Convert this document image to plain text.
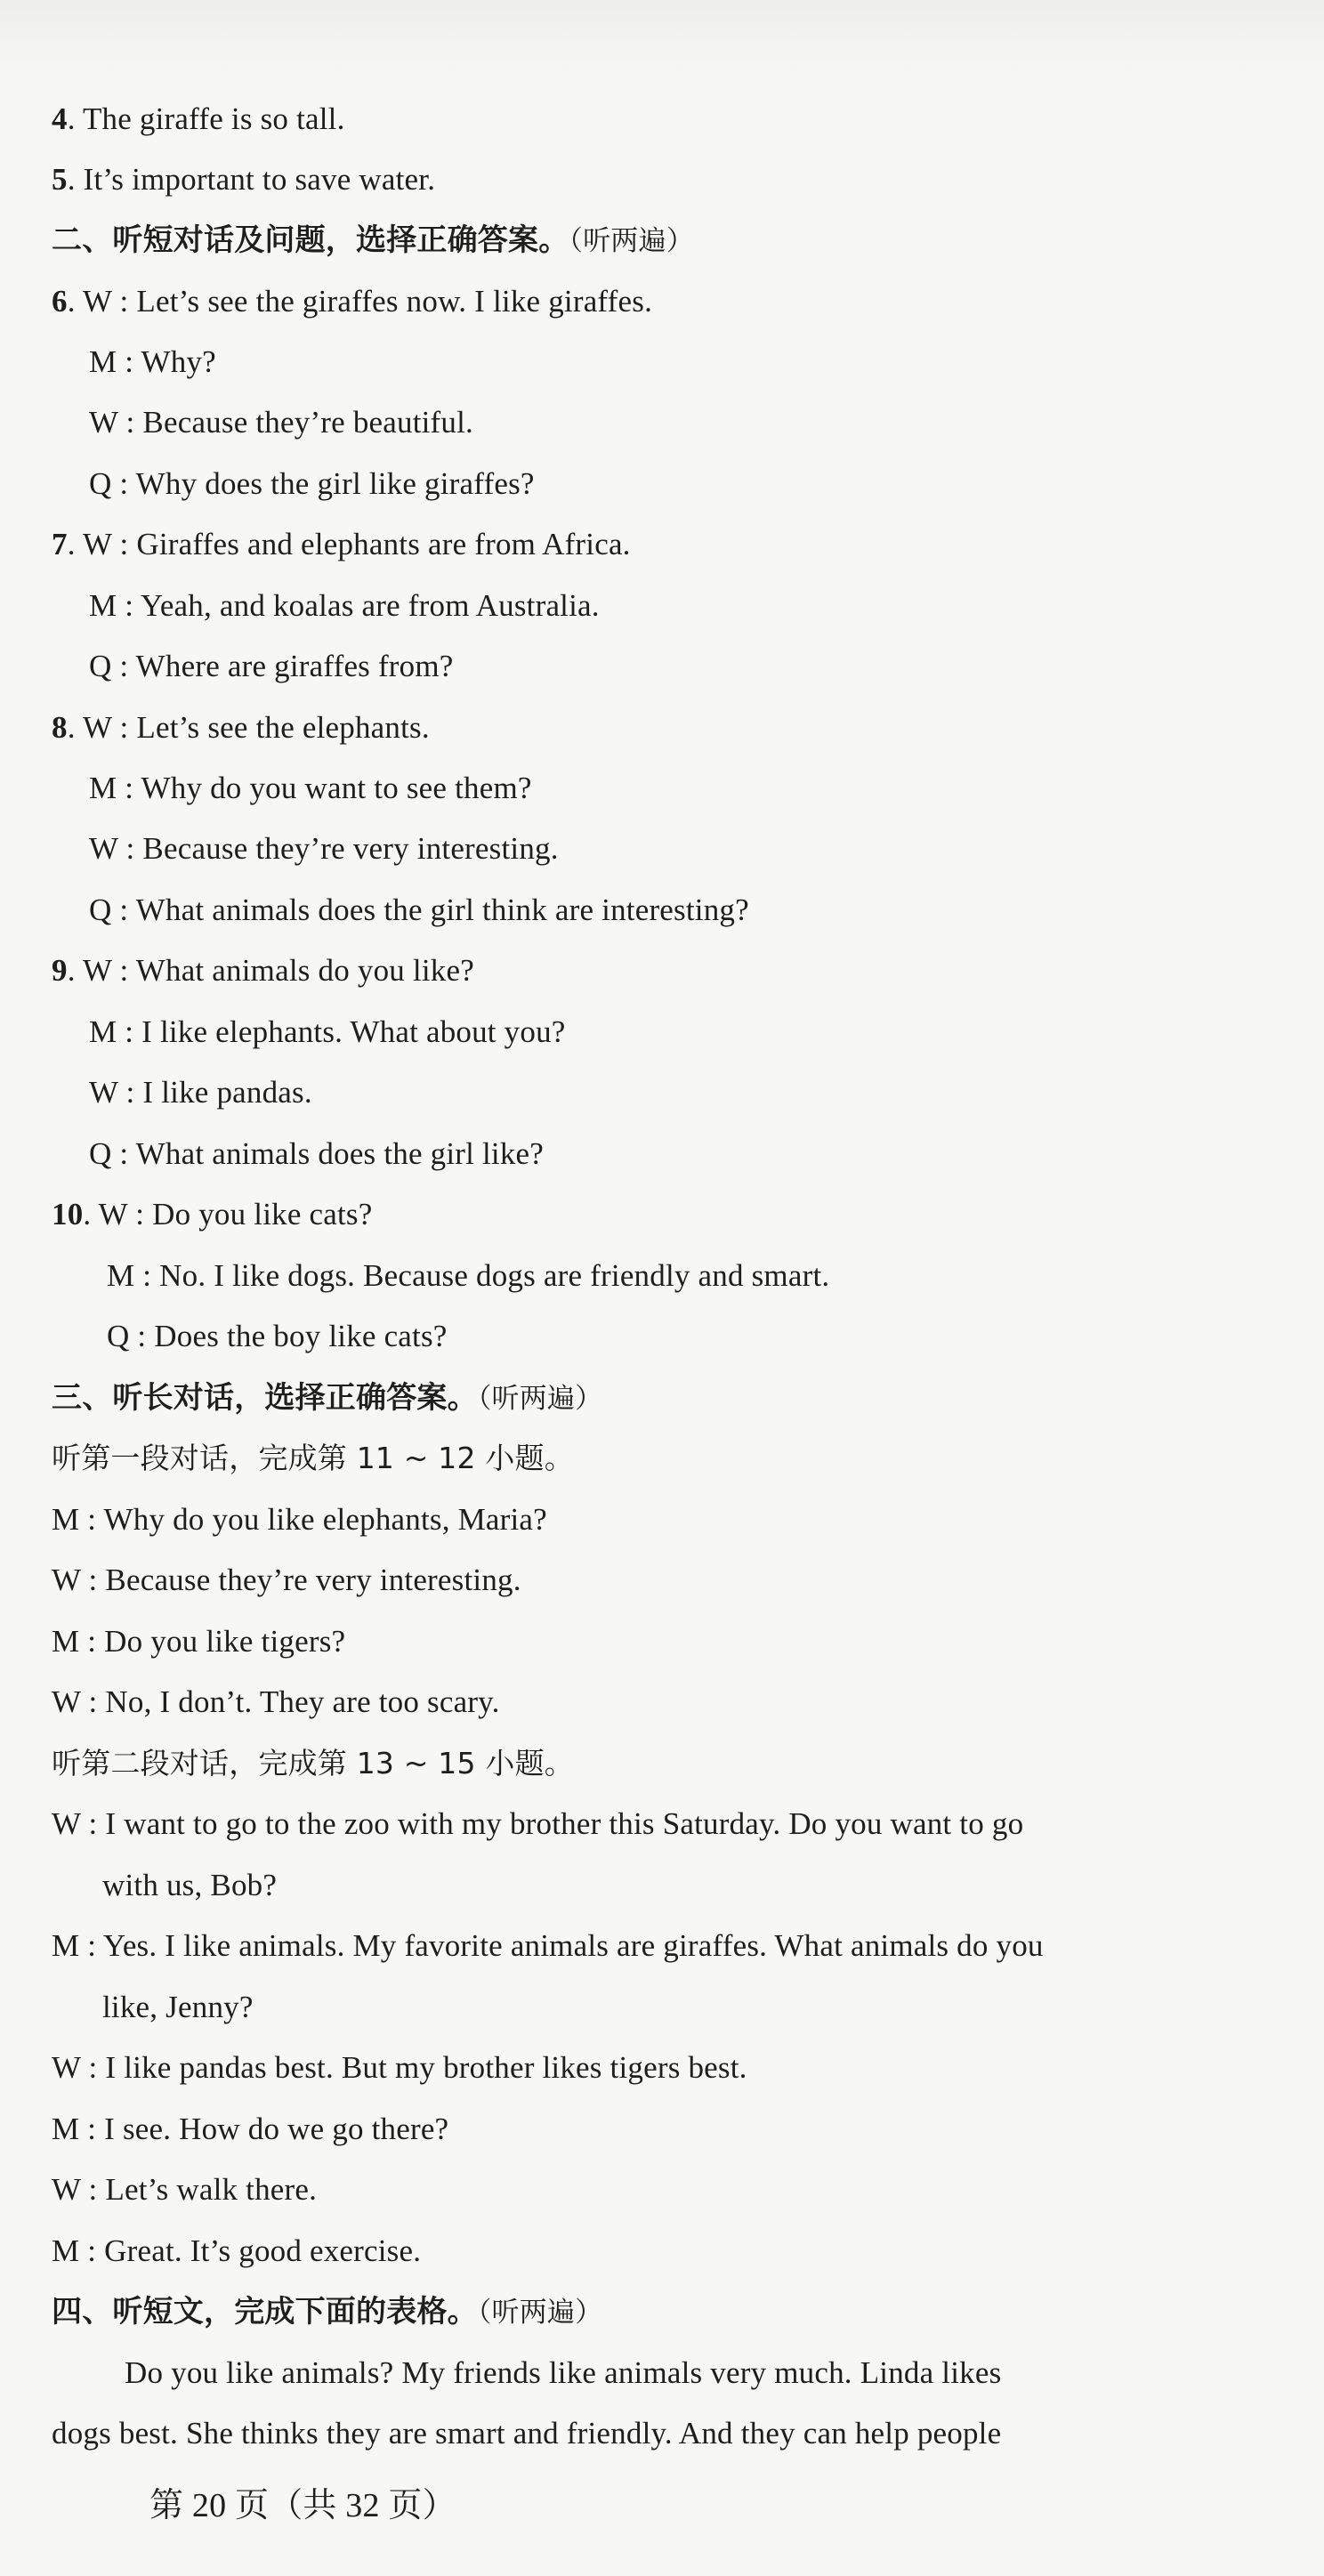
4. The giraffe is so tall.
5. It’s important to save water.
二、听短对话及问题，选择正确答案。（听两遍）
6. W : Let’s see the giraffes now. I like giraffes.
M : Why?
W : Because they’re beautiful.
Q : Why does the girl like giraffes?
7. W : Giraffes and elephants are from Africa.
M : Yeah, and koalas are from Australia.
Q : Where are giraffes from?
8. W : Let’s see the elephants.
M : Why do you want to see them?
W : Because they’re very interesting.
Q : What animals does the girl think are interesting?
9. W : What animals do you like?
M : I like elephants. What about you?
W : I like pandas.
Q : What animals does the girl like?
10. W : Do you like cats?
M : No. I like dogs. Because dogs are friendly and smart.
Q : Does the boy like cats?
三、听长对话，选择正确答案。（听两遍）
听第一段对话，完成第 11 ~ 12 小题。
M : Why do you like elephants, Maria?
W : Because they’re very interesting.
M : Do you like tigers?
W : No, I don’t. They are too scary.
听第二段对话，完成第 13 ~ 15 小题。
W : I want to go to the zoo with my brother this Saturday. Do you want to go
with us, Bob?
M : Yes. I like animals. My favorite animals are giraffes. What animals do you
like, Jenny?
W : I like pandas best. But my brother likes tigers best.
M : I see. How do we go there?
W : Let’s walk there.
M : Great. It’s good exercise.
四、听短文，完成下面的表格。（听两遍）
Do you like animals? My friends like animals very much. Linda likes
dogs best. She thinks they are smart and friendly. And they can help people
第 20 页（共 32 页）
